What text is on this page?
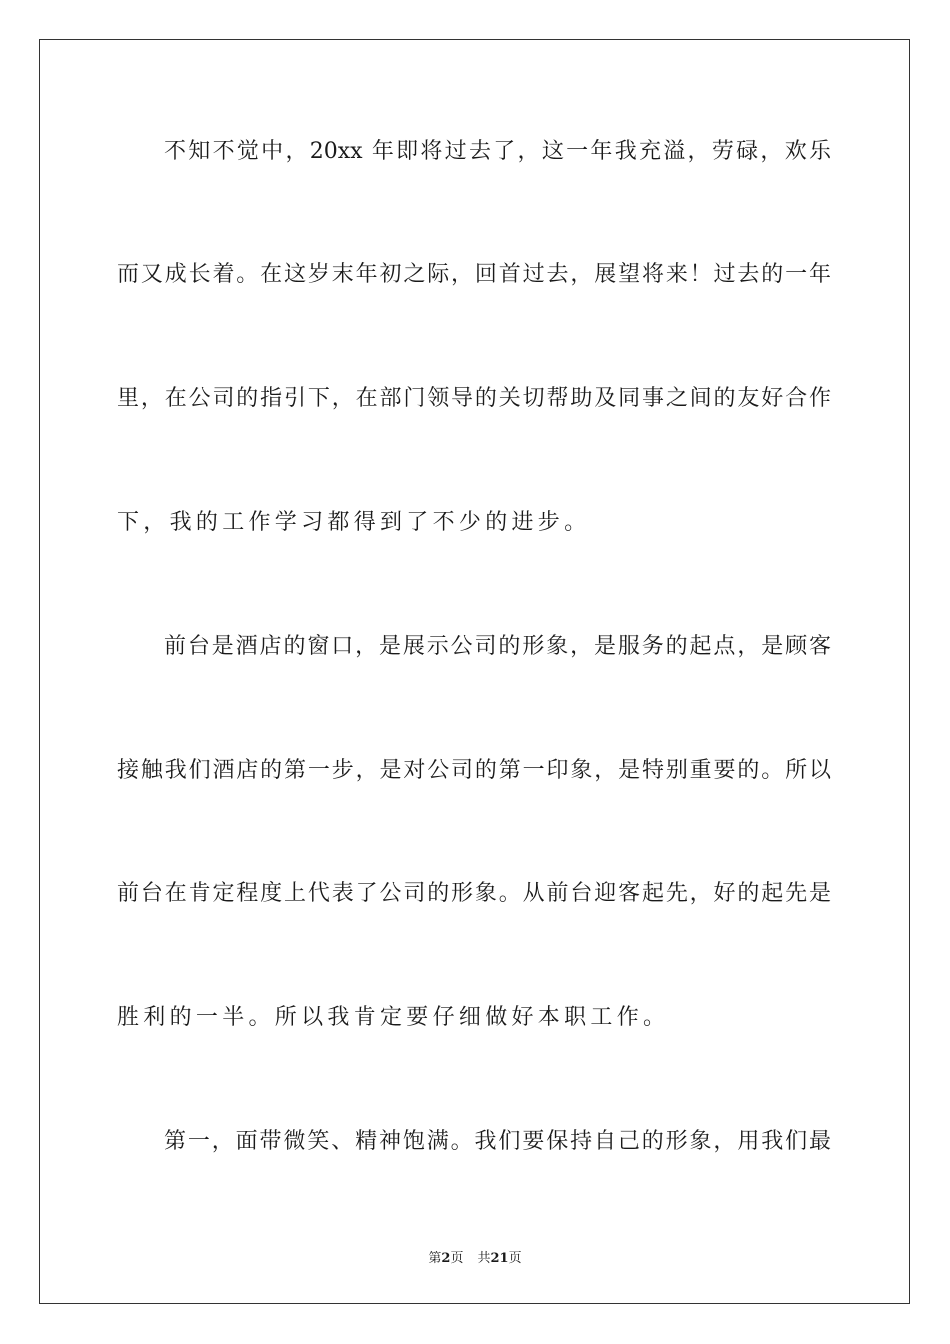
不知不觉中，20xx 年即将过去了，这一年我充溢，劳碌，欢乐
而又成长着。在这岁末年初之际，回首过去，展望将来！过去的一年
里，在公司的指引下，在部门领导的关切帮助及同事之间的友好合作
下，我的工作学习都得到了不少的进步。
前台是酒店的窗口，是展示公司的形象，是服务的起点，是顾客
接触我们酒店的第一步，是对公司的第一印象，是特别重要的。所以
前台在肯定程度上代表了公司的形象。从前台迎客起先，好的起先是
胜利的一半。所以我肯定要仔细做好本职工作。
第一，面带微笑、精神饱满。我们要保持自己的形象，用我们最
第2页 共21页
